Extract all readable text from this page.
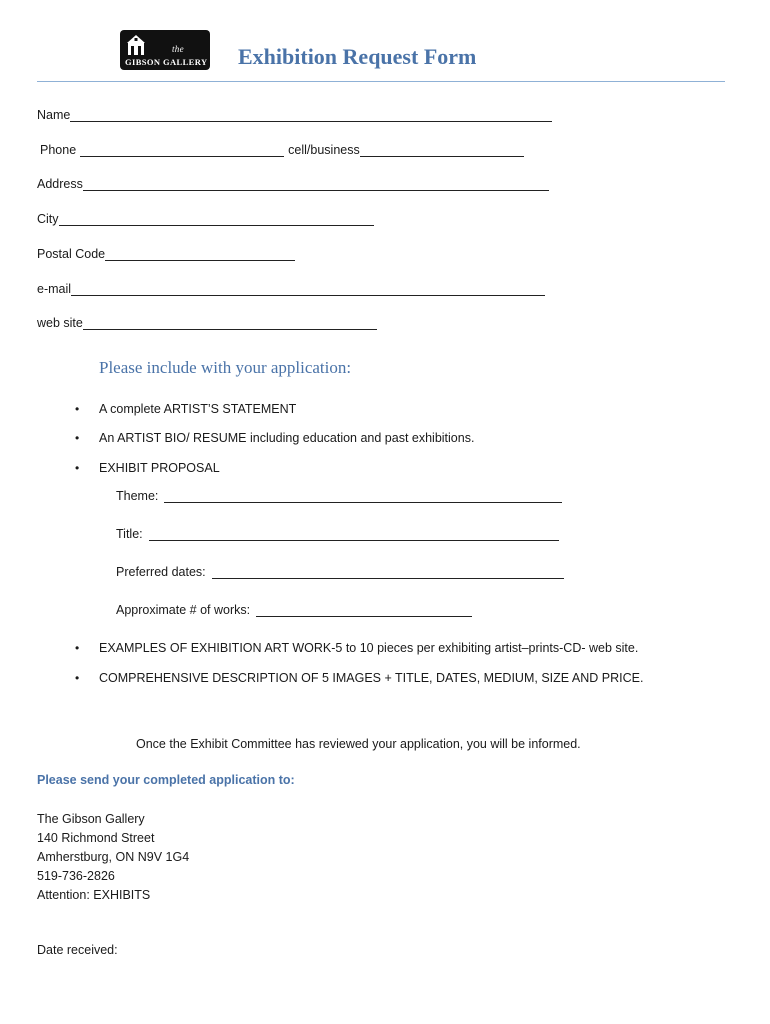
the
GIBSON GALLERY Exhibition Request Form
Name
Phone	cell/business
Address
City
Postal Code
e-mail
web site
Please include with your application:
•	A complete ARTIST’S STATEMENT
•	An ARTIST BIO/ RESUME including education and past exhibitions.
•	EXHIBIT PROPOSAL
Theme:
Title:
Preferred dates:
Approximate # of works:
•	EXAMPLES OF EXHIBITION ART WORK-5 to 10 pieces per exhibiting artist–prints-CD- web site.
•	COMPREHENSIVE DESCRIPTION OF 5 IMAGES + TITLE, DATES, MEDIUM, SIZE AND PRICE.
Once the Exhibit Committee has reviewed your application, you will be informed.
Please send your completed application to:
The Gibson Gallery
140 Richmond Street
Amherstburg, ON N9V 1G4
519-736-2826
Attention: EXHIBITS
Date received:
